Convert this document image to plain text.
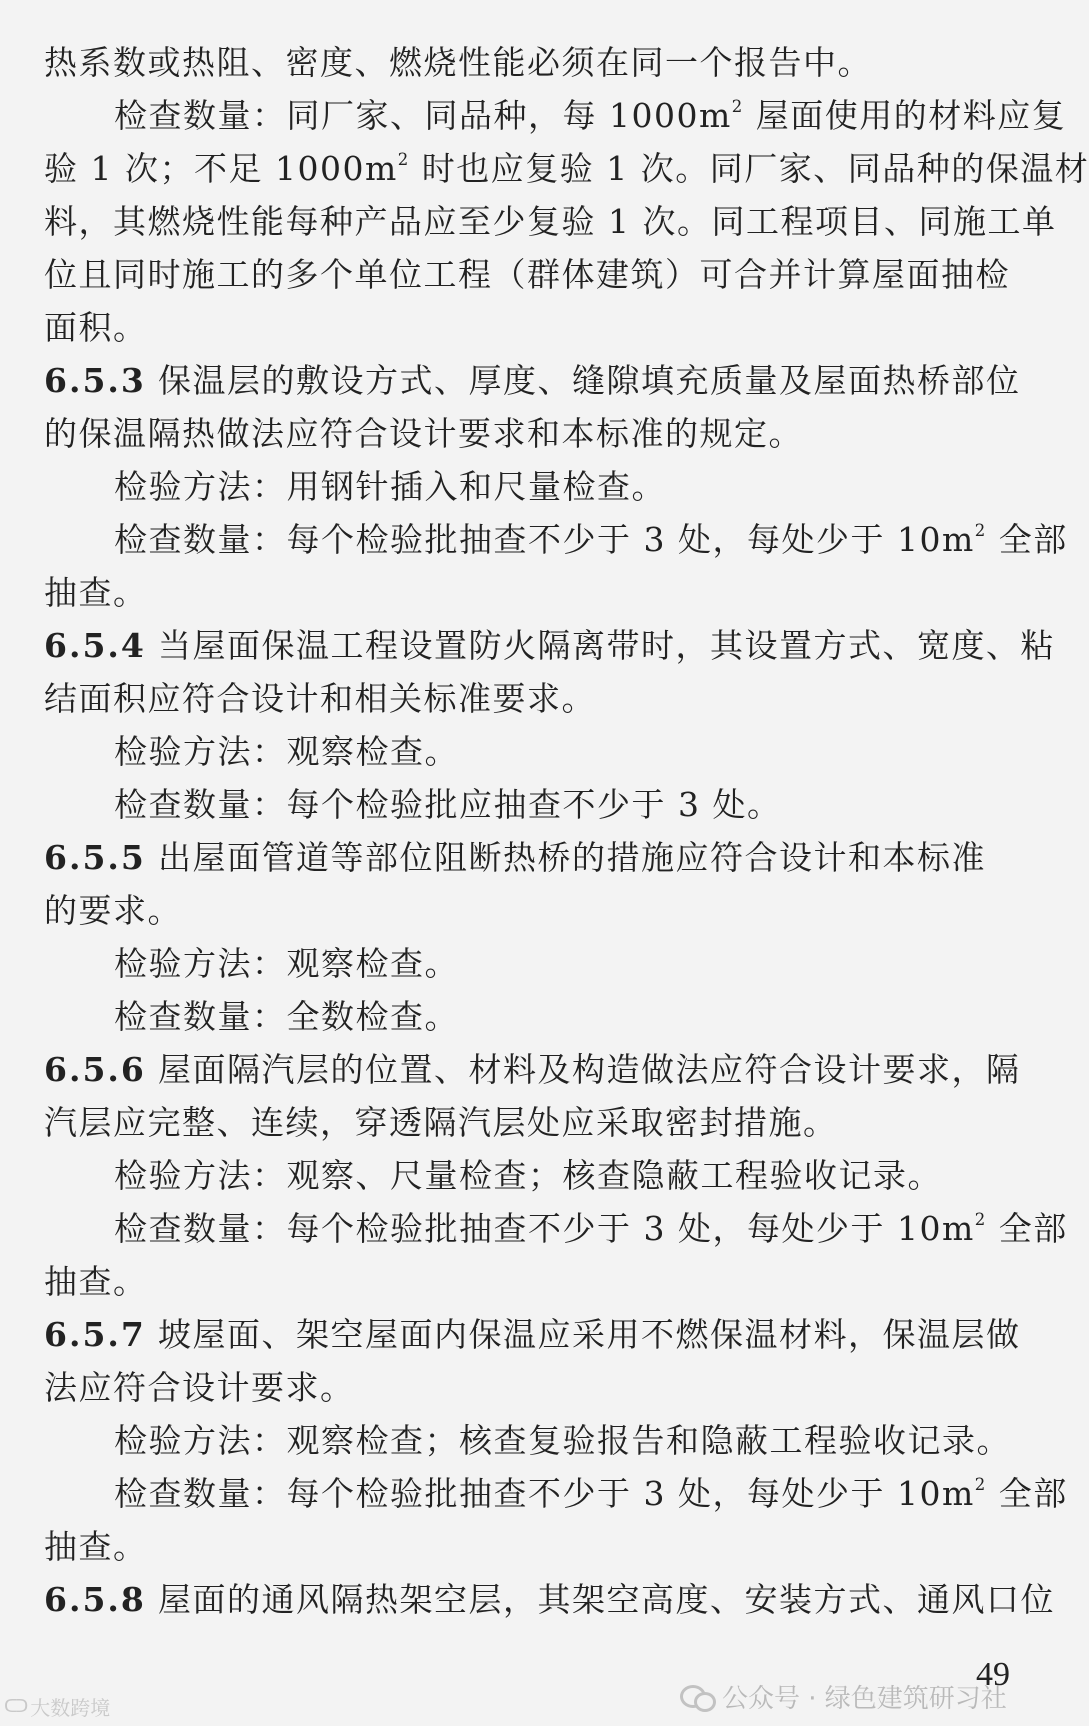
热系数或热阻、密度、燃烧性能必须在同一个报告中。
检查数量：同厂家、同品种，每 $1000m^2$ 屋面使用的材料应复
验 1 次；不足 $1000m^2$ 时也应复验 1 次。同厂家、同品种的保温材
料，其燃烧性能每种产品应至少复验 1 次。同工程项目、同施工单
位且同时施工的多个单位工程（群体建筑）可合并计算屋面抽检
面积。
6.5.3 保温层的敷设方式、厚度、缝隙填充质量及屋面热桥部位
的保温隔热做法应符合设计要求和本标准的规定。
检验方法：用钢针插入和尺量检查。
检查数量：每个检验批抽查不少于 3 处，每处少于 $10m^2$ 全部
抽查。
6.5.4 当屋面保温工程设置防火隔离带时，其设置方式、宽度、粘
结面积应符合设计和相关标准要求。
检验方法：观察检查。
检查数量：每个检验批应抽查不少于 3 处。
6.5.5 出屋面管道等部位阻断热桥的措施应符合设计和本标准
的要求。
检验方法：观察检查。
检查数量：全数检查。
6.5.6 屋面隔汽层的位置、材料及构造做法应符合设计要求，隔
汽层应完整、连续，穿透隔汽层处应采取密封措施。
检验方法：观察、尺量检查；核查隐蔽工程验收记录。
检查数量：每个检验批抽查不少于 3 处，每处少于 $10m^2$ 全部
抽查。
6.5.7 坡屋面、架空屋面内保温应采用不燃保温材料，保温层做
法应符合设计要求。
检验方法：观察检查；核查复验报告和隐蔽工程验收记录。
检查数量：每个检验批抽查不少于 3 处，每处少于 $10m^2$ 全部
抽查。
6.5.8 屋面的通风隔热架空层，其架空高度、安装方式、通风口位
49
公众号 · 绿色建筑研习社
ᑕᑐ 大数跨境
